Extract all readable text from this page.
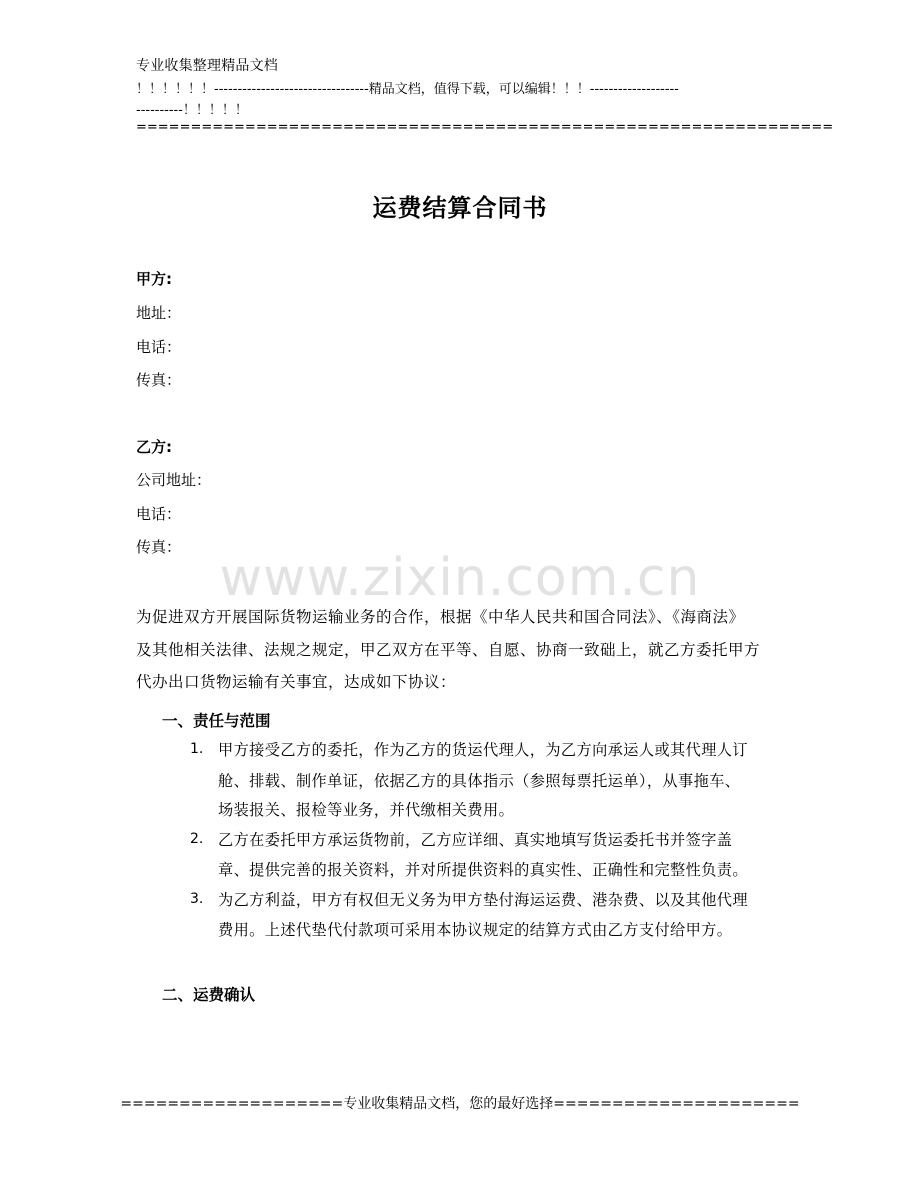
专业收集整理精品文档
！！！！！！---------------------------------精品文档，值得下载，可以编辑！！！-------------------
----------！！！！！
================================================================
运费结算合同书
甲方:
地址：
电话：
传真：
乙方:
公司地址：
电话：
传真：
www.zixin.com.cn
为促进双方开展国际货物运输业务的合作，根据《中华人民共和国合同法》、《海商法》
及其他相关法律、法规之规定，甲乙双方在平等、自愿、协商一致础上，就乙方委托甲方
代办出口货物运输有关事宜，达成如下协议：
一、责任与范围
1. 甲方接受乙方的委托，作为乙方的货运代理人，为乙方向承运人或其代理人订
舱、排载、制作单证，依据乙方的具体指示（参照每票托运单），从事拖车、
场装报关、报检等业务，并代缴相关费用。
2. 乙方在委托甲方承运货物前，乙方应详细、真实地填写货运委托书并签字盖
章、提供完善的报关资料，并对所提供资料的真实性、正确性和完整性负责。
3. 为乙方利益，甲方有权但无义务为甲方垫付海运运费、港杂费、以及其他代理
费用。上述代垫代付款项可采用本协议规定的结算方式由乙方支付给甲方。
二、运费确认
===================专业收集精品文档，您的最好选择=====================
